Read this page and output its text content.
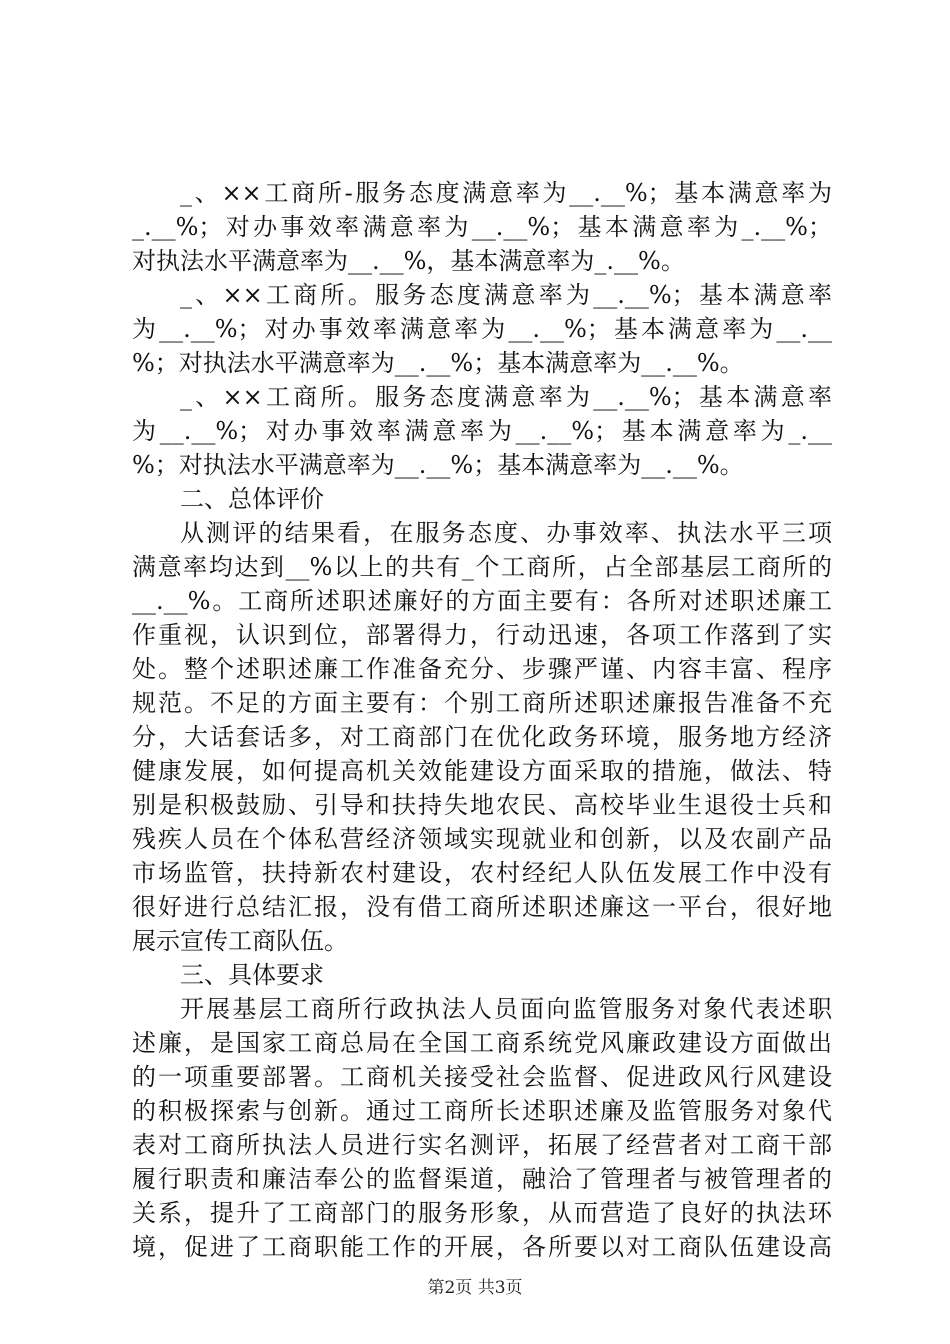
_、××工商所-服务态度满意率为__.__%；基本满意率为
_.__%；对办事效率满意率为__.__%；基本满意率为_.__%；
对执法水平满意率为__.__%，基本满意率为_.__%。
_、××工商所。服务态度满意率为__.__%；基本满意率
为__.__%；对办事效率满意率为__.__%；基本满意率为__.__
%；对执法水平满意率为__.__%；基本满意率为__.__%。
_、××工商所。服务态度满意率为__.__%；基本满意率
为__.__%；对办事效率满意率为__.__%；基本满意率为_.__
%；对执法水平满意率为__.__%；基本满意率为__.__%。
二、总体评价
从测评的结果看，在服务态度、办事效率、执法水平三项
满意率均达到__%以上的共有_个工商所，占全部基层工商所的
__.__%。工商所述职述廉好的方面主要有：各所对述职述廉工
作重视，认识到位，部署得力，行动迅速，各项工作落到了实
处。整个述职述廉工作准备充分、步骤严谨、内容丰富、程序
规范。不足的方面主要有：个别工商所述职述廉报告准备不充
分，大话套话多，对工商部门在优化政务环境，服务地方经济
健康发展，如何提高机关效能建设方面采取的措施，做法、特
别是积极鼓励、引导和扶持失地农民、高校毕业生退役士兵和
残疾人员在个体私营经济领域实现就业和创新，以及农副产品
市场监管，扶持新农村建设，农村经纪人队伍发展工作中没有
很好进行总结汇报，没有借工商所述职述廉这一平台，很好地
展示宣传工商队伍。
三、具体要求
开展基层工商所行政执法人员面向监管服务对象代表述职
述廉，是国家工商总局在全国工商系统党风廉政建设方面做出
的一项重要部署。工商机关接受社会监督、促进政风行风建设
的积极探索与创新。通过工商所长述职述廉及监管服务对象代
表对工商所执法人员进行实名测评，拓展了经营者对工商干部
履行职责和廉洁奉公的监督渠道，融洽了管理者与被管理者的
关系，提升了工商部门的服务形象，从而营造了良好的执法环
境，促进了工商职能工作的开展，各所要以对工商队伍建设高
第2页 共3页
